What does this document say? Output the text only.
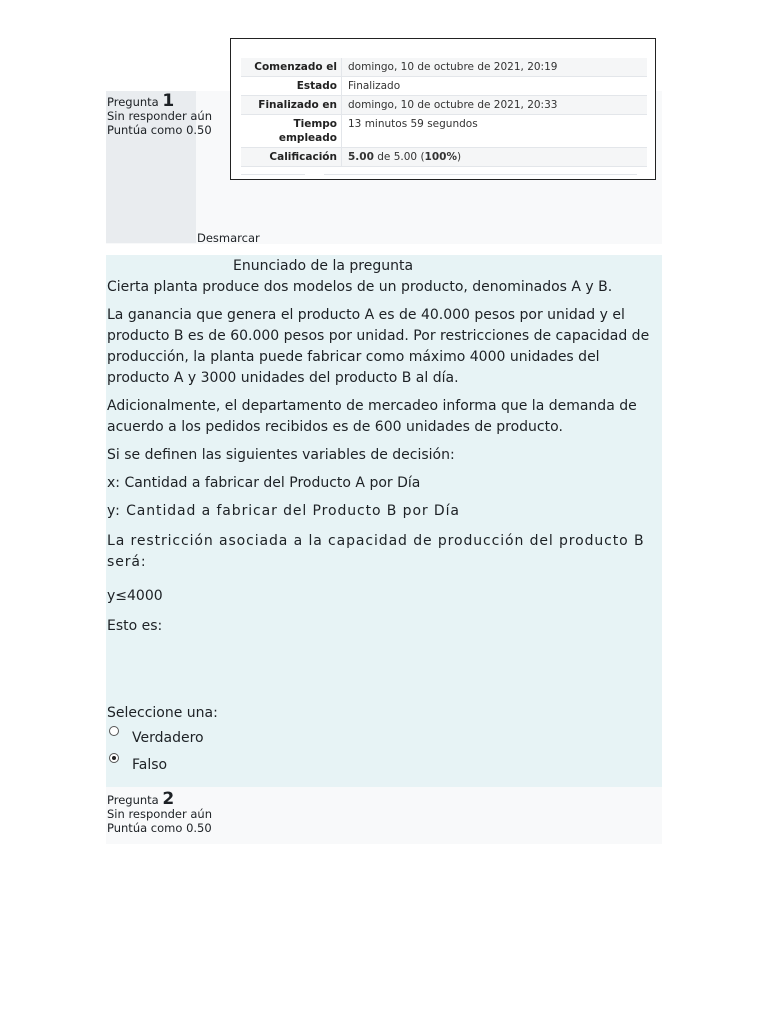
Pregunta 1
Sin responder aún
Puntúa como 0.50
Desmarcar
Comenzado el	domingo, 10 de octubre de 2021, 20:19
Estado	Finalizado
Finalizado en	domingo, 10 de octubre de 2021, 20:33
Tiempo empleado	13 minutos 59 segundos
Calificación	5.00 de 5.00 (100%)
Enunciado de la pregunta

Cierta planta produce dos modelos de un producto, denominados A y B.

La ganancia que genera el producto A es de 40.000 pesos por unidad y el producto B es de 60.000 pesos por unidad. Por restricciones de capacidad de producción, la planta puede fabricar como máximo 4000 unidades del producto A y 3000 unidades del producto B al día.

Adicionalmente, el departamento de mercadeo informa que la demanda de acuerdo a los pedidos recibidos es de 600 unidades de producto.

Si se definen las siguientes variables de decisión:

x: Cantidad a fabricar del Producto A por Día

y: Cantidad a fabricar del Producto B por Día

La restricción asociada a la capacidad de producción del producto B será:

y≤4000

Esto es:

Seleccione una:

Verdadero
Falso
Pregunta 2
Sin responder aún
Puntúa como 0.50
